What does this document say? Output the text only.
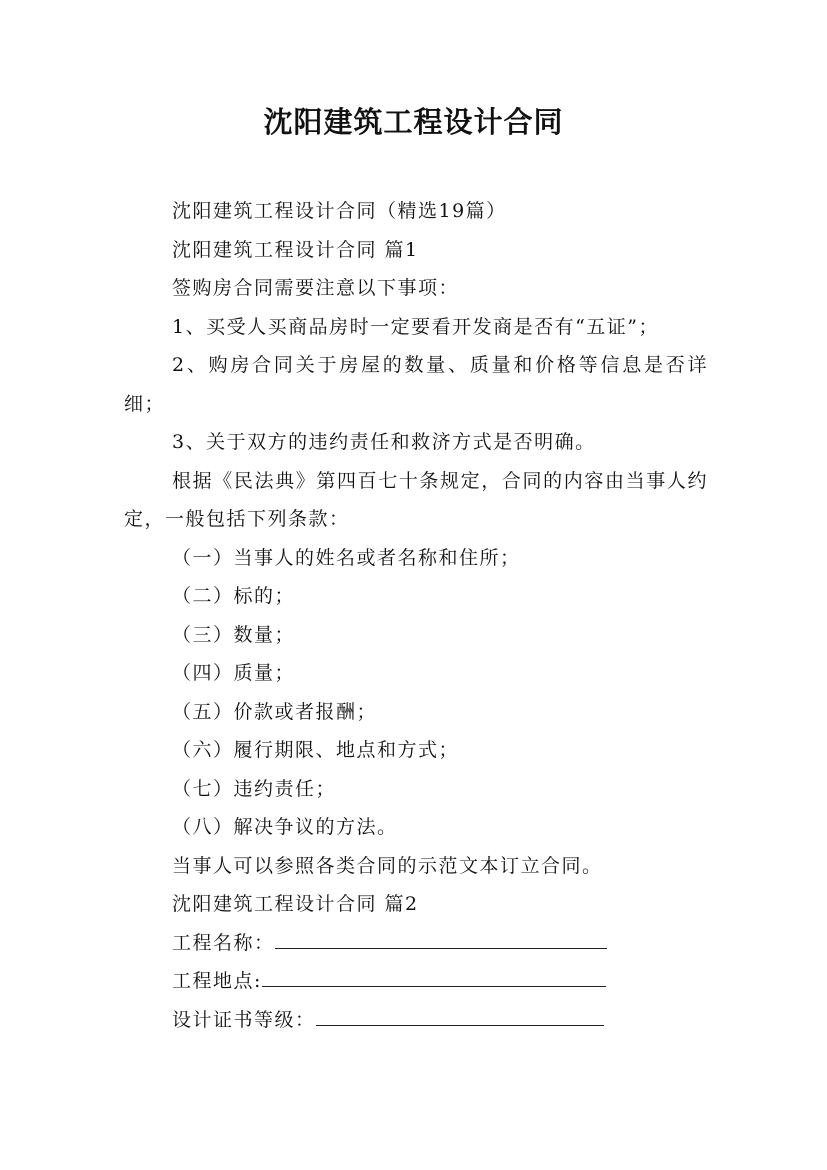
沈阳建筑工程设计合同

沈阳建筑工程设计合同（精选19篇）

沈阳建筑工程设计合同 篇1

签购房合同需要注意以下事项：

1、买受人买商品房时一定要看开发商是否有“五证”；

2、购房合同关于房屋的数量、质量和价格等信息是否详细；

3、关于双方的违约责任和救济方式是否明确。

根据《民法典》第四百七十条规定，合同的内容由当事人约定，一般包括下列条款：

（一）当事人的姓名或者名称和住所；

（二）标的；

（三）数量；

（四）质量；

（五）价款或者报酬；

（六）履行期限、地点和方式；

（七）违约责任；

（八）解决争议的方法。

当事人可以参照各类合同的示范文本订立合同。

沈阳建筑工程设计合同 篇2

工程名称：
工程地点:
设计证书等级：
